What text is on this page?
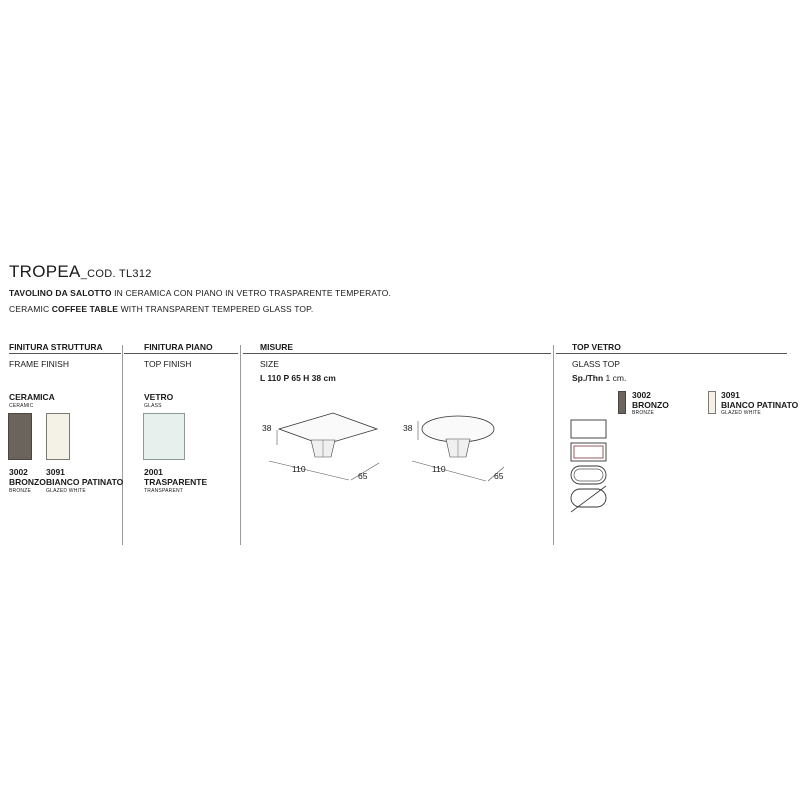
TROPEA_COD. TL312
TAVOLINO DA SALOTTO IN CERAMICA CON PIANO IN VETRO TRASPARENTE TEMPERATO.
CERAMIC COFFEE TABLE WITH TRANSPARENT TEMPERED GLASS TOP.
FINITURA STRUTTURA
FRAME FINISH
CERAMICA
CERAMIC
3002
BRONZO
BRONZE
3091
BIANCO PATINATO
GLAZED WHITE
FINITURA PIANO
TOP FINISH
VETRO
GLASS
2001
TRASPARENTE
TRANSPARENT
MISURE
SIZE
L 110 P 65 H 38 cm
38
110
65
38
110
65
TOP VETRO
GLASS TOP
Sp./Thn 1 cm.
3002
BRONZO
BRONZE
3091
BIANCO PATINATO
GLAZED WHITE
